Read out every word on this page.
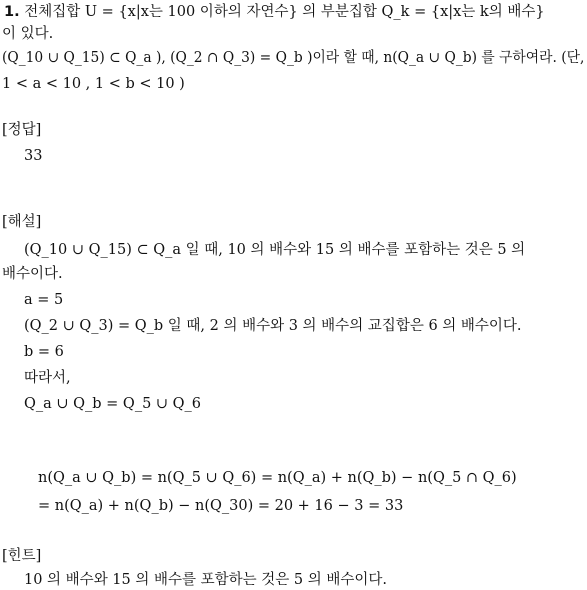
1. 전체집합 U = {x|x는 100 이하의 자연수} 의 부분집합 Q_k = {x|x는 k의 배수}
이 있다.
(Q_10 ∪ Q_15) ⊂ Q_a ), (Q_2 ∩ Q_3) = Q_b )이라 할 때, n(Q_a ∪ Q_b) 를 구하여라. (단,
1 < a < 10 , 1 < b < 10 )
[정답]
33
[해설]
(Q_10 ∪ Q_15) ⊂ Q_a 일 때, 10 의 배수와 15 의 배수를 포함하는 것은 5 의
배수이다.
a = 5
(Q_2 ∪ Q_3) = Q_b 일 때, 2 의 배수와 3 의 배수의 교집합은 6 의 배수이다.
b = 6
따라서,
Q_a ∪ Q_b = Q_5 ∪ Q_6
n(Q_a ∪ Q_b) = n(Q_5 ∪ Q_6) = n(Q_a) + n(Q_b) − n(Q_5 ∩ Q_6)
= n(Q_a) + n(Q_b) − n(Q_30) = 20 + 16 − 3 = 33
[힌트]
10 의 배수와 15 의 배수를 포함하는 것은 5 의 배수이다.
